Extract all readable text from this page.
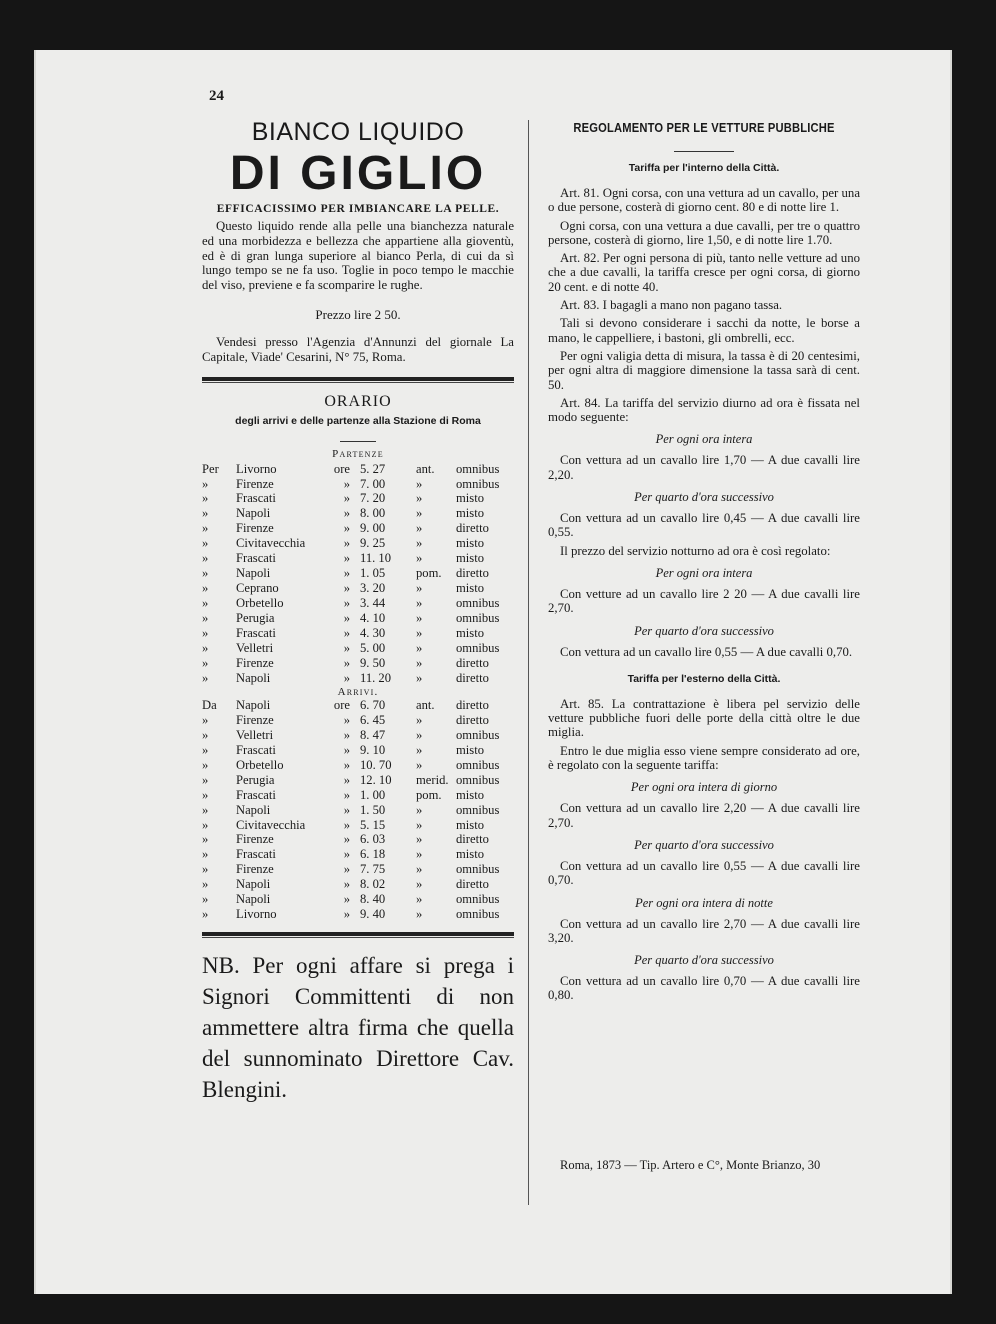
24
BIANCO LIQUIDO
DI GIGLIO
EFFICACISSIMO PER IMBIANCARE LA PELLE.

Questo liquido rende alla pelle una bianchezza naturale ed una morbidezza e bellezza che appartiene alla gioventù, ed è di gran lunga superiore al bianco Perla, di cui da sì lungo tempo se ne fa uso. Toglie in poco tempo le macchie del viso, previene e fa scomparire le rughe.

Prezzo lire 2 50.

Vendesi presso l'Agenzia d'Annunzi del giornale La Capitale, Viade' Cesarini, N° 75, Roma.

ORARIO
degli arrivi e delle partenze alla Stazione di Roma
Partenze
Per	Livorno	ore 5. 27	ant.	omnibus
»	Firenze	» 7. 00	»	omnibus
»	Frascati	» 7. 20	»	misto
»	Napoli	» 8. 00	»	misto
»	Firenze	» 9. 00	»	diretto
»	Civitavecchia	» 9. 25	»	misto
»	Frascati	» 11. 10	»	misto
»	Napoli	» 1. 05	pom.	diretto
»	Ceprano	» 3. 20	»	misto
»	Orbetello	» 3. 44	»	omnibus
»	Perugia	» 4. 10	»	omnibus
»	Frascati	» 4. 30	»	misto
»	Velletri	» 5. 00	»	omnibus
»	Firenze	» 9. 50	»	diretto
»	Napoli	» 11. 20	»	diretto
Arrivi.
Da	Napoli	ore 6. 70	ant.	diretto
»	Firenze	» 6. 45	»	diretto
»	Velletri	» 8. 47	»	omnibus
»	Frascati	» 9. 10	»	misto
»	Orbetello	» 10. 70	»	omnibus
»	Perugia	» 12. 10	merid. omnibus
»	Frascati	» 1. 00	pom.	misto
»	Napoli	» 1. 50	»	omnibus
»	Civitavecchia	» 5. 15	»	misto
»	Firenze	» 6. 03	»	diretto
»	Frascati	» 6. 18	»	misto
»	Firenze	» 7. 75	»	omnibus
»	Napoli	» 8. 02	»	diretto
»	Napoli	» 8. 40	»	omnibus
»	Livorno	» 9. 40	»	omnibus
NB. Per ogni affare si prega i Signori Committenti di non ammettere altra firma che quella del sunnominato Direttore Cav. Blengini.
REGOLAMENTO PER LE VETTURE PUBBLICHE
Tariffa per l'interno della Città.

Art. 81. Ogni corsa, con una vettura ad un cavallo, per una o due persone, costerà di giorno cent. 80 e di notte lire 1.

Ogni corsa, con una vettura a due cavalli, per tre o quattro persone, costerà di giorno, lire 1,50, e di notte lire 1.70.

Art. 82. Per ogni persona di più, tanto nelle vetture ad uno che a due cavalli, la tariffa cresce per ogni corsa, di giorno 20 cent. e di notte 40.

Art. 83. I bagagli a mano non pagano tassa.

Tali si devono considerare i sacchi da notte, le borse a mano, le cappelliere, i bastoni, gli ombrelli, ecc.

Per ogni valigia detta di misura, la tassa è di 20 centesimi, per ogni altra di maggiore dimensione la tassa sarà di cent. 50.

Art. 84. La tariffa del servizio diurno ad ora è fissata nel modo seguente:

Per ogni ora intera

Con vettura ad un cavallo lire 1,70 — A due cavalli lire 2,20.

Per quarto d'ora successivo

Con vettura ad un cavallo lire 0,45 — A due cavalli lire 0,55.

Il prezzo del servizio notturno ad ora è così regolato:

Per ogni ora intera

Con vetture ad un cavallo lire 2 20 — A due cavalli lire 2,70.

Per quarto d'ora successivo

Con vettura ad un cavallo lire 0,55 — A due cavalli 0,70.

Tariffa per l'esterno della Città.

Art. 85. La contrattazione è libera pel servizio delle vetture pubbliche fuori delle porte della città oltre le due miglia.

Entro le due miglia esso viene sempre considerato ad ore, è regolato con la seguente tariffa:

Per ogni ora intera di giorno

Con vettura ad un cavallo lire 2,20 — A due cavalli lire 2,70.

Per quarto d'ora successivo

Con vettura ad un cavallo lire 0,55 — A due cavalli lire 0,70.

Per ogni ora intera di notte

Con vettura ad un cavallo lire 2,70 — A due cavalli lire 3,20.

Per quarto d'ora successivo

Con vettura ad un cavallo lire 0,70 — A due cavalli lire 0,80.

Roma, 1873 — Tip. Artero e C°, Monte Brianzo, 30
